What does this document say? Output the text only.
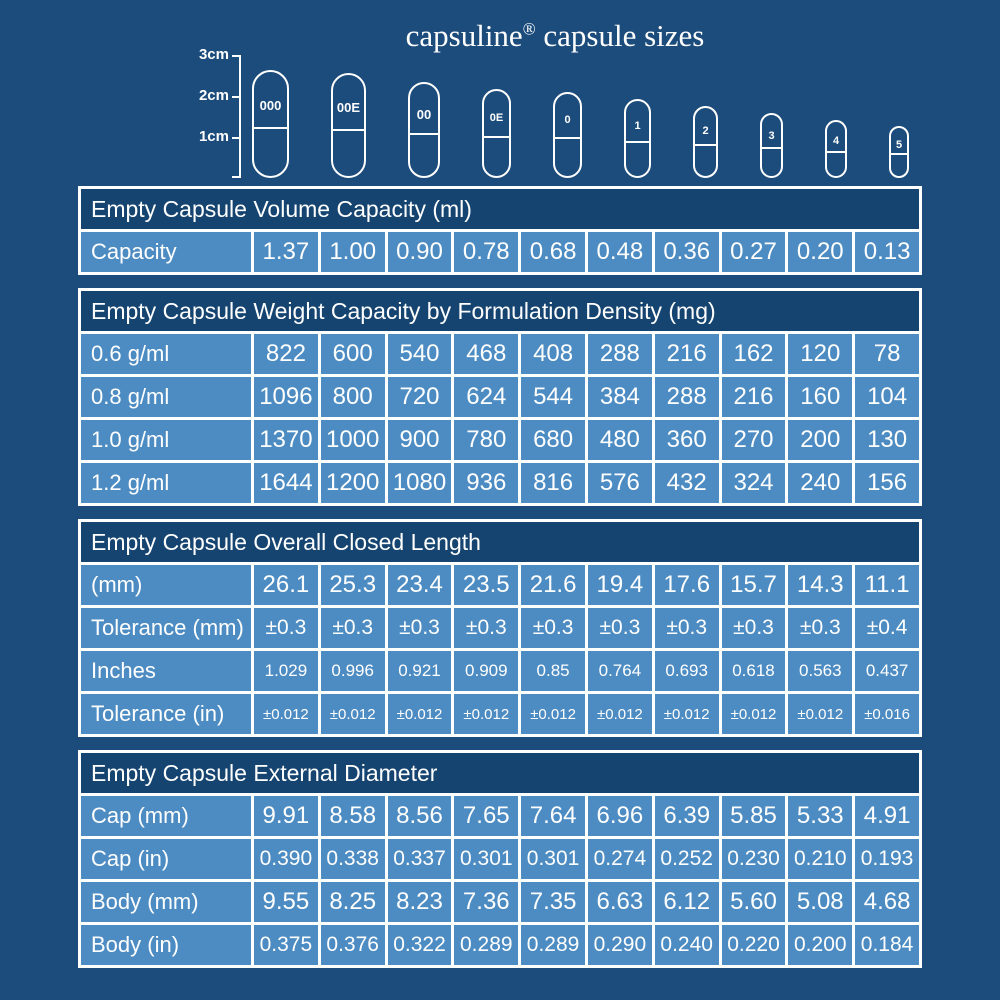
capsuline® capsule sizes
3cm
2cm
1cm
000	00E	00	0E	0	1	2	3	4	5
Empty Capsule Volume Capacity (ml)
Capacity	1.37 1.00 0.90 0.78 0.68 0.48 0.36 0.27 0.20 0.13
Empty Capsule Weight Capacity by Formulation Density (mg)
0.6 g/ml	822	600	540	468	408	288	216	162	120	78
0.8 g/ml	1096 800	720	624	544	384	288	216	160	104
1.0 g/ml	1370 1000 900	780	680	480	360	270	200	130
1.2 g/ml	1644 1200 1080 936	816	576	432	324	240	156
Empty Capsule Overall Closed Length
(mm)	26.1 25.3 23.4 23.5 21.6 19.4 17.6 15.7 14.3 11.1
Tolerance (mm)	±0.3	±0.3	±0.3	±0.3	±0.3	±0.3	±0.3	±0.3	±0.3	±0.4
Inches	1.029	0.996	0.921	0.909	0.85	0.764	0.693	0.618	0.563	0.437
Tolerance (in)	±0.012	±0.012	±0.012	±0.012	±0.012	±0.012	±0.012	±0.012	±0.012	±0.016
Empty Capsule External Diameter
Cap (mm)	9.91 8.58 8.56 7.65 7.64 6.96 6.39 5.85 5.33 4.91
Cap (in)	0.390 0.338 0.337 0.301 0.301 0.274 0.252 0.230 0.210 0.193
Body (mm)	9.55 8.25 8.23 7.36 7.35 6.63 6.12 5.60 5.08 4.68
Body (in)	0.375 0.376 0.322 0.289 0.289 0.290 0.240 0.220 0.200 0.184
